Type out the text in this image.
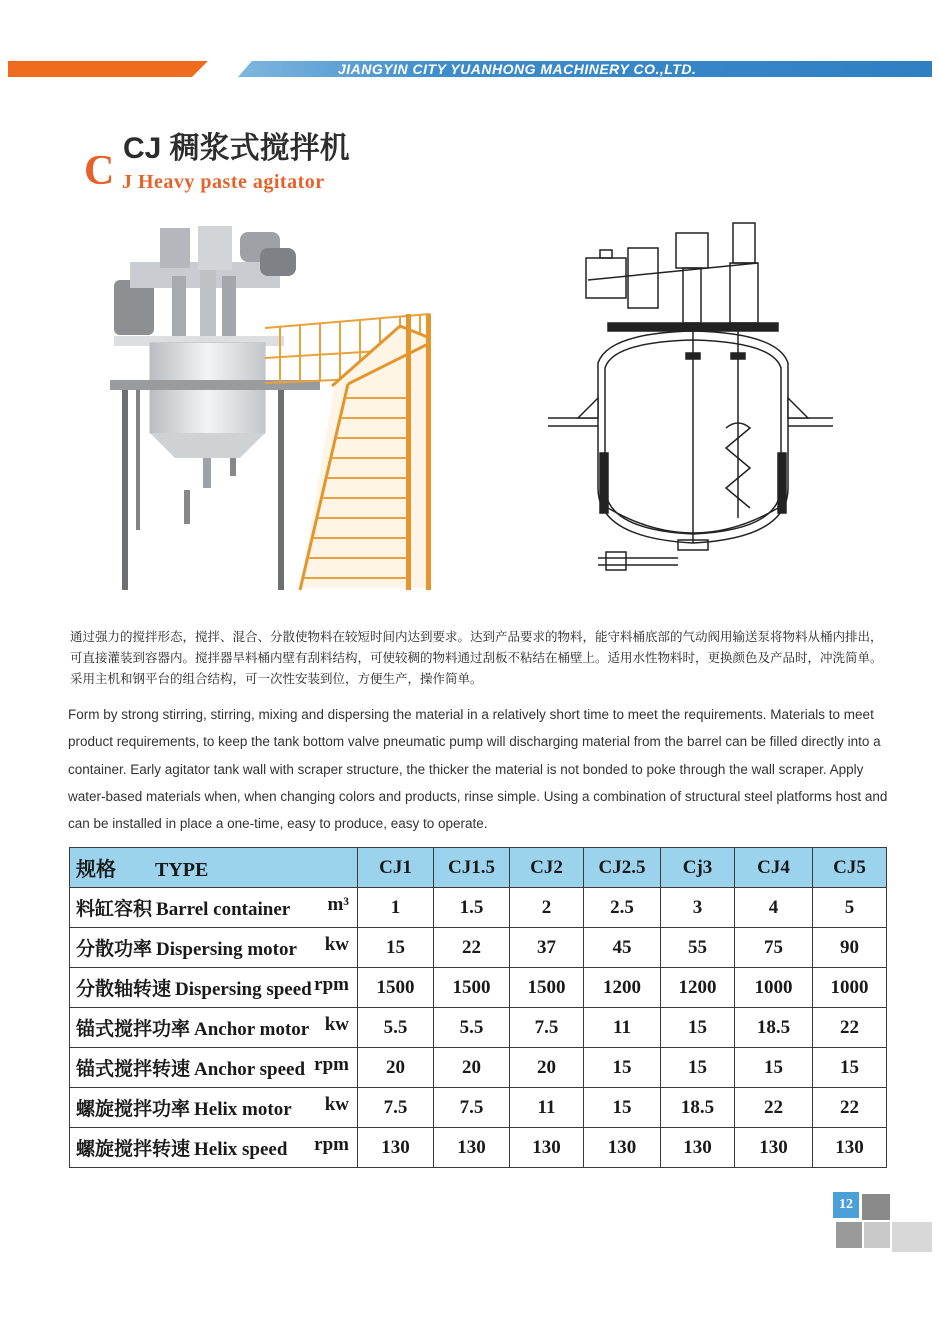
JIANGYIN CITY YUANHONG MACHINERY CO.,LTD.
C CJ 稠浆式搅拌机
J Heavy paste agitator
通过强力的搅拌形态，搅拌、混合、分散使物料在较短时间内达到要求。达到产品要求的物料，能守料桶底部的气动阀用输送泵将物料从桶内排出，可直接灌装到容器内。搅拌器旱料桶内壁有刮料结构，可使较稠的物料通过刮板不粘结在桶壁上。适用水性物料时，更换颜色及产品时，冲洗简单。采用主机和钢平台的组合结构，可一次性安装到位，方便生产，操作简单。
Form by strong stirring, stirring, mixing and dispersing the material in a relatively short time to meet the requirements. Materials to meet product requirements, to keep the tank bottom valve pneumatic pump will discharging material from the barrel can be filled directly into a container. Early agitator tank wall with scraper structure, the thicker the material is not bonded to poke through the wall scraper. Apply water-based materials when, when changing colors and products, rinse simple. Using a combination of structural steel platforms host and can be installed in place a one-time, easy to produce, easy to operate.
规格 TYPE	CJ1	CJ1.5	CJ2	CJ2.5	Cj3	CJ4	CJ5
料缸容积 Barrel container m³	1	1.5	2	2.5	3	4	5
分散功率 Dispersing motor kw	15	22	37	45	55	75	90
分散轴转速 Dispersing speed rpm	1500	1500	1500	1200	1200	1000	1000
锚式搅拌功率 Anchor motor kw	5.5	5.5	7.5	11	15	18.5	22
锚式搅拌转速 Anchor speed rpm	20	20	20	15	15	15	15
螺旋搅拌功率 Helix motor kw	7.5	7.5	11	15	18.5	22	22
螺旋搅拌转速 Helix speed rpm	130	130	130	130	130	130	130
12
